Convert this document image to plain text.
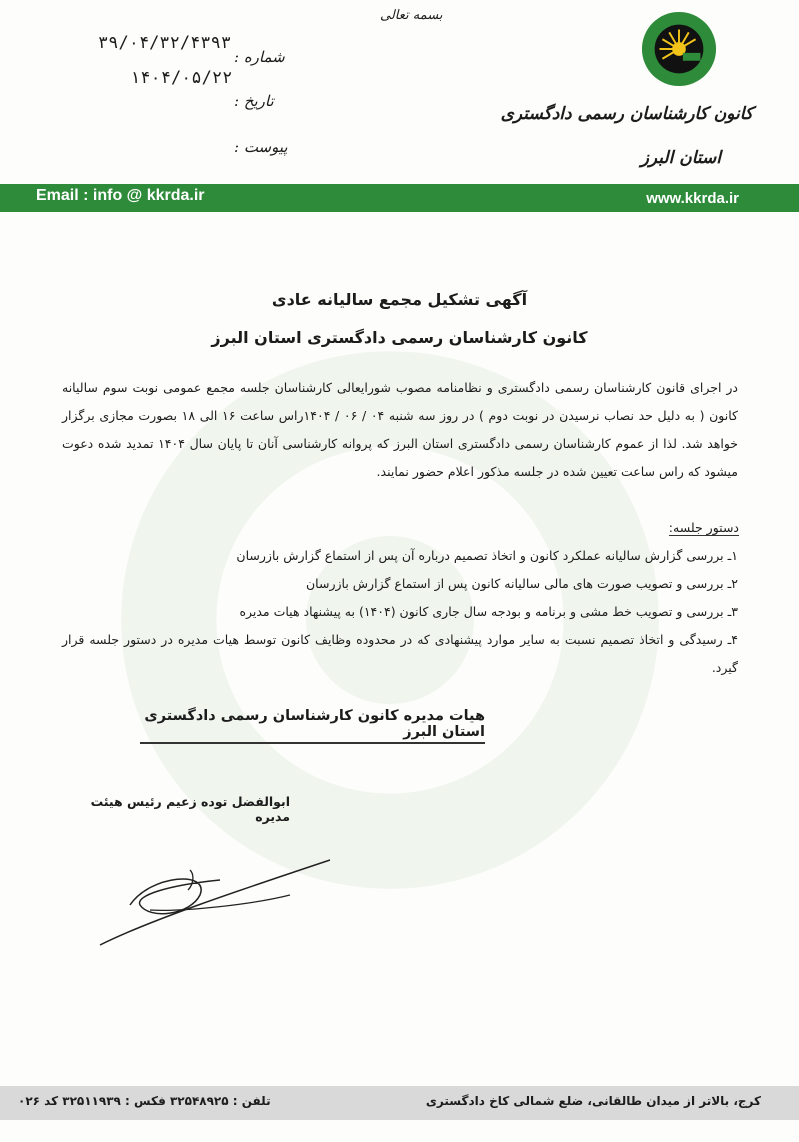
بسمه تعالی
۳۹/۰۴/۳۲/۴۳۹۳
۱۴۰۴/۰۵/۲۲
شماره :
تاریخ :
پیوست :
کانون کارشناسان رسمی دادگستری
استان البرز
Email : info @ kkrda.ir	www.kkrda.ir
آگهی تشکیل مجمع سالیانه عادی
کانون کارشناسان رسمی دادگستری استان البرز
در اجرای قانون کارشناسان رسمی دادگستری و نظامنامه مصوب شورایعالی کارشناسان جلسه مجمع عمومی نوبت سوم سالیانه کانون ( به دلیل حد نصاب نرسیدن در نوبت دوم ) در روز سه شنبه ۰۴ / ۰۶ / ۱۴۰۴راس ساعت ۱۶ الی ۱۸ بصورت مجازی برگزار خواهد شد. لذا از عموم کارشناسان رسمی دادگستری استان البرز که پروانه کارشناسی آنان تا پایان سال ۱۴۰۴ تمدید شده دعوت میشود که راس ساعت تعیین شده در جلسه مذکور اعلام حضور نمایند.
دستور جلسه:
۱ـ بررسی گزارش سالیانه عملکرد کانون و اتخاذ تصمیم درباره آن پس از استماع گزارش بازرسان
۲ـ بررسی و تصویب صورت های مالی سالیانه کانون پس از استماع گزارش بازرسان
۳ـ بررسی و تصویب خط مشی و برنامه و بودجه سال جاری کانون (۱۴۰۴) به پیشنهاد هیات مدیره
۴ـ رسیدگی و اتخاذ تصمیم نسبت به سایر موارد پیشنهادی که در محدوده وظایف کانون توسط هیات مدیره در دستور جلسه قرار گیرد.
هیات مدیره کانون کارشناسان رسمی دادگستری استان البرز
ابوالفضل توده زعیم رئیس هیئت مدیره
کرج، بالاتر از میدان طالقانی، ضلع شمالی کاخ دادگستری
تلفن : ۳۲۵۴۸۹۲۵ فکس : ۳۲۵۱۱۹۳۹ کد ۰۲۶
